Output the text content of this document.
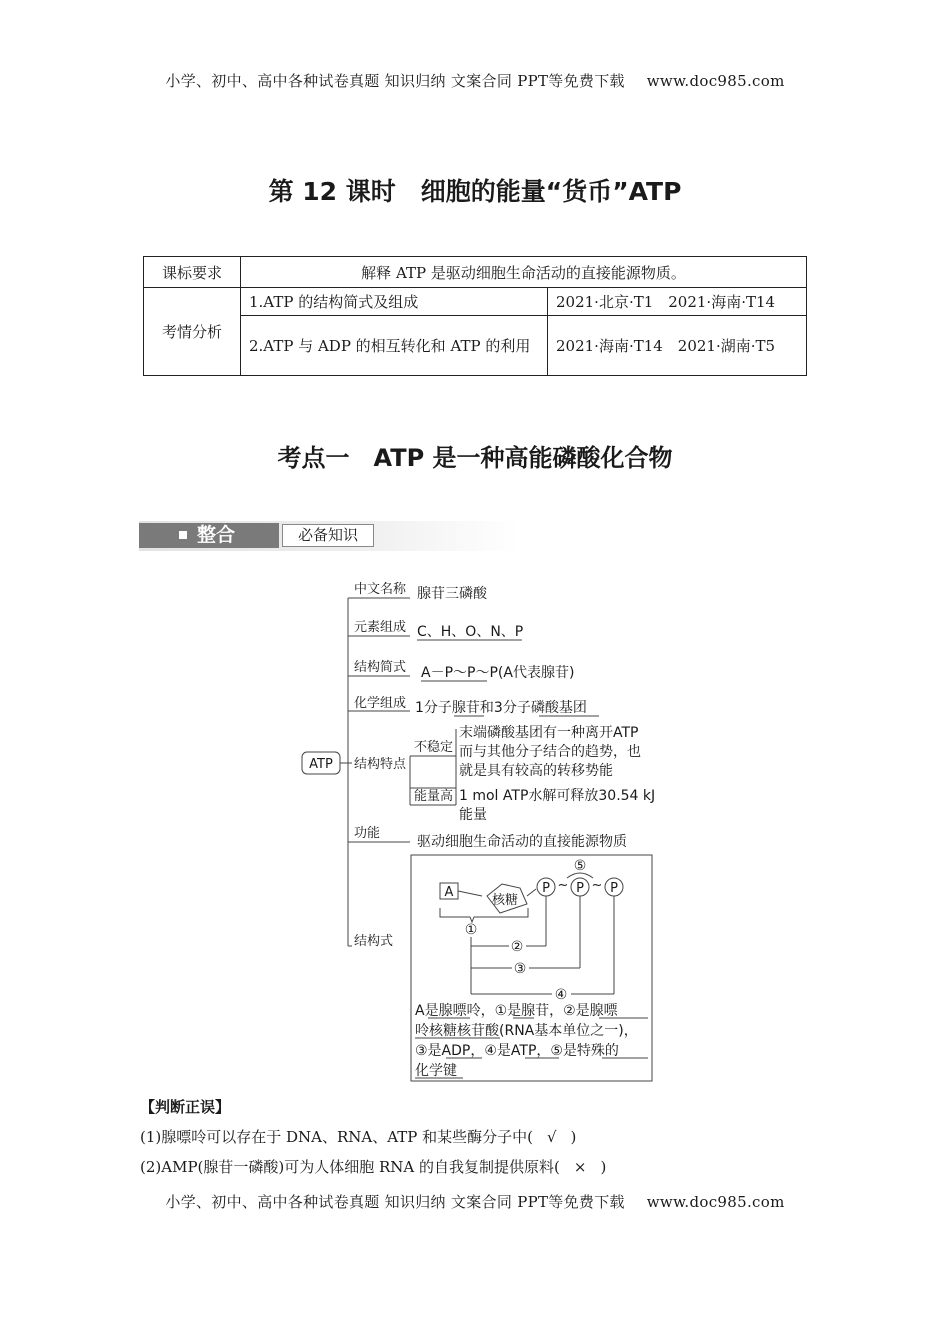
小学、初中、高中各种试卷真题 知识归纳 文案合同 PPT等免费下载 www.doc985.com
第 12 课时　细胞的能量“货币”ATP
课标要求	解释 ATP 是驱动细胞生命活动的直接能源物质。	
考情分析	1.ATP 的结构简式及组成	2021·北京·T1　2021·海南·T14
	2.ATP 与 ADP 的相互转化和 ATP 的利用	2021·海南·T14　2021·湖南·T5
考点一　ATP 是一种高能磷酸化合物
整合	必备知识
ATP
中文名称 腺苷三磷酸
元素组成 C、H、O、N、P
结构简式 A－P～P～P(A代表腺苷)
化学组成 1分子腺苷和3分子磷酸基团
结构特点
不稳定
末端磷酸基团有一种离开ATP
而与其他分子结合的趋势，也
就是具有较高的转移势能
能量高 1 mol ATP水解可释放30.54 kJ
能量
功能
驱动细胞生命活动的直接能源物质
结构式
A
核糖
P P P
~ ~
⑤
①
②
③
④
A是腺嘌呤，①是腺苷，②是腺嘌
呤核糖核苷酸(RNA基本单位之一)，
③是ADP，④是ATP，⑤是特殊的
化学键
【判断正误】
(1)腺嘌呤可以存在于 DNA、RNA、ATP 和某些酶分子中( √ )
(2)AMP(腺苷一磷酸)可为人体细胞 RNA 的自我复制提供原料( × )
小学、初中、高中各种试卷真题 知识归纳 文案合同 PPT等免费下载 www.doc985.com
